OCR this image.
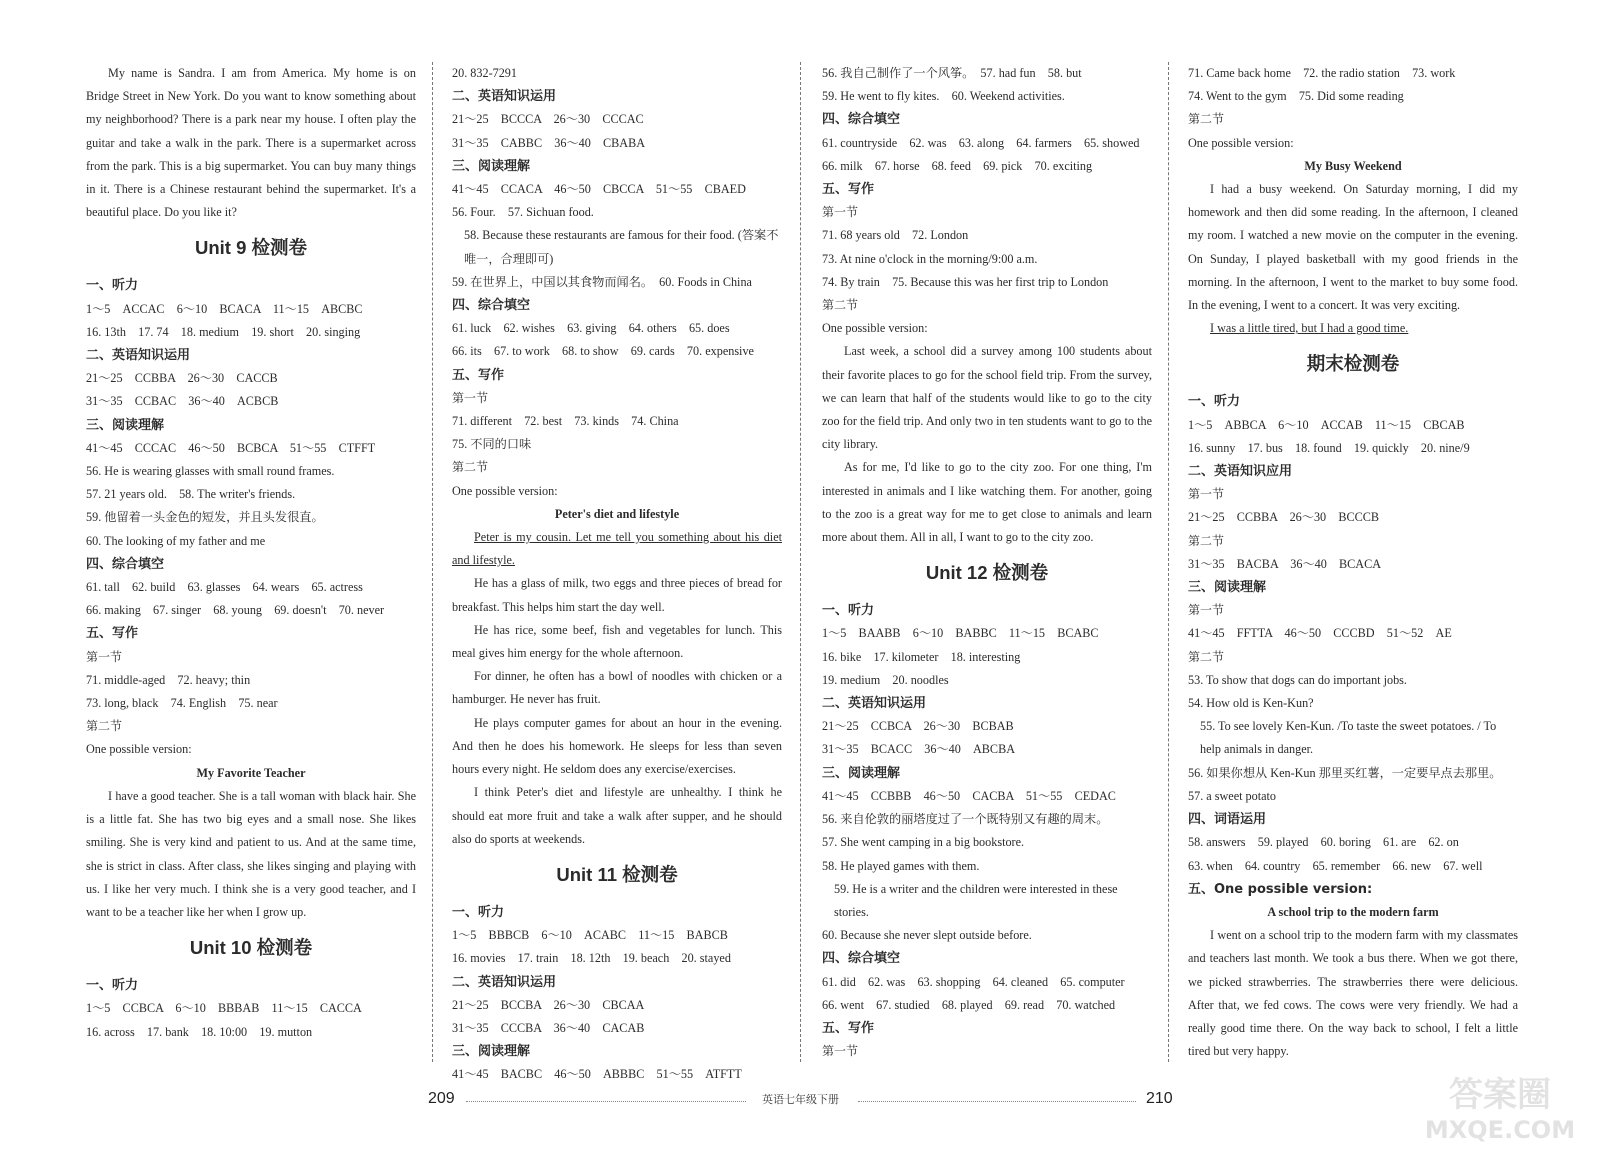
My name is Sandra. I am from America. My home is on Bridge Street in New York. Do you want to know something about my neighborhood? There is a park near my house. I often play the guitar and take a walk in the park. There is a supermarket across from the park. This is a big supermarket. You can buy many things in it. There is a Chinese restaurant behind the supermarket. It's a beautiful place. Do you like it?
Unit 9 检测卷
一、听力
1～5　ACCAC　6～10　BCACA　11～15　ABCBC
16. 13th　17. 74　18. medium　19. short　20. singing
二、英语知识运用
21～25　CCBBA　26～30　CACCB
31～35　CCBAC　36～40　ACBCB
三、阅读理解
41～45　CCCAC　46～50　BCBCA　51～55　CTFFT
56. He is wearing glasses with small round frames.
57. 21 years old.　58. The writer's friends.
59. 他留着一头金色的短发，并且头发很直。
60. The looking of my father and me
四、综合填空
61. tall　62. build　63. glasses　64. wears　65. actress
66. making　67. singer　68. young　69. doesn't　70. never
五、写作
第一节
71. middle-aged　72. heavy; thin
73. long, black　74. English　75. near
第二节
One possible version:
My Favorite Teacher
I have a good teacher. She is a tall woman with black hair. She is a little fat. She has two big eyes and a small nose. She likes smiling. She is very kind and patient to us. And at the same time, she is strict in class. After class, she likes singing and playing with us. I like her very much. I think she is a very good teacher, and I want to be a teacher like her when I grow up.
Unit 10 检测卷
一、听力
1～5　CCBCA　6～10　BBBAB　11～15　CACCA
16. across　17. bank　18. 10:00　19. mutton
20. 832-7291
二、英语知识运用
21～25　BCCCA　26～30　CCCAC
31～35　CABBC　36～40　CBABA
三、阅读理解
41～45　CCACA　46～50　CBCCA　51～55　CBAED
56. Four.　57. Sichuan food.
58. Because these restaurants are famous for their food. (答案不唯一，合理即可)
59. 在世界上，中国以其食物而闻名。　60. Foods in China
四、综合填空
61. luck　62. wishes　63. giving　64. others　65. does
66. its　67. to work　68. to show　69. cards　70. expensive
五、写作
第一节
71. different　72. best　73. kinds　74. China
75. 不同的口味
第二节
One possible version:
Peter's diet and lifestyle
Peter is my cousin. Let me tell you something about his diet and lifestyle.
He has a glass of milk, two eggs and three pieces of bread for breakfast. This helps him start the day well.
He has rice, some beef, fish and vegetables for lunch. This meal gives him energy for the whole afternoon.
For dinner, he often has a bowl of noodles with chicken or a hamburger. He never has fruit.
He plays computer games for about an hour in the evening. And then he does his homework. He sleeps for less than seven hours every night. He seldom does any exercise/exercises.
I think Peter's diet and lifestyle are unhealthy. I think he should eat more fruit and take a walk after supper, and he should also do sports at weekends.
Unit 11 检测卷
一、听力
1～5　BBBCB　6～10　ACABC　11～15　BABCB
16. movies　17. train　18. 12th　19. beach　20. stayed
二、英语知识运用
21～25　BCCBA　26～30　CBCAA
31～35　CCCBA　36～40　CACAB
三、阅读理解
41～45　BACBC　46～50　ABBBC　51～55　ATFTT
56. 我自己制作了一个风筝。　57. had fun　58. but
59. He went to fly kites.　60. Weekend activities.
四、综合填空
61. countryside　62. was　63. along　64. farmers　65. showed
66. milk　67. horse　68. feed　69. pick　70. exciting
五、写作
第一节
71. 68 years old　72. London
73. At nine o'clock in the morning/9:00 a.m.
74. By train　75. Because this was her first trip to London
第二节
One possible version:
Last week, a school did a survey among 100 students about their favorite places to go for the school field trip. From the survey, we can learn that half of the students would like to go to the city zoo for the field trip. And only two in ten students want to go to the city library.
As for me, I'd like to go to the city zoo. For one thing, I'm interested in animals and I like watching them. For another, going to the zoo is a great way for me to get close to animals and learn more about them. All in all, I want to go to the city zoo.
Unit 12 检测卷
一、听力
1～5　BAABB　6～10　BABBC　11～15　BCABC
16. bike　17. kilometer　18. interesting
19. medium　20. noodles
二、英语知识运用
21～25　CCBCA　26～30　BCBAB
31～35　BCACC　36～40　ABCBA
三、阅读理解
41～45　CCBBB　46～50　CACBA　51～55　CEDAC
56. 来自伦敦的丽塔度过了一个既特别又有趣的周末。
57. She went camping in a big bookstore.
58. He played games with them.
59. He is a writer and the children were interested in these stories.
60. Because she never slept outside before.
四、综合填空
61. did　62. was　63. shopping　64. cleaned　65. computer
66. went　67. studied　68. played　69. read　70. watched
五、写作
第一节
71. Came back home　72. the radio station　73. work
74. Went to the gym　75. Did some reading
第二节
One possible version:
My Busy Weekend
I had a busy weekend. On Saturday morning, I did my homework and then did some reading. In the afternoon, I cleaned my room. I watched a new movie on the computer in the evening. On Sunday, I played basketball with my good friends in the morning. In the afternoon, I went to the market to buy some food. In the evening, I went to a concert. It was very exciting.
I was a little tired, but I had a good time.
期末检测卷
一、听力
1～5　ABBCA　6～10　ACCAB　11～15　CBCAB
16. sunny　17. bus　18. found　19. quickly　20. nine/9
二、英语知识应用
第一节
21～25　CCBBA　26～30　BCCCB
第二节
31～35　BACBA　36～40　BCACA
三、阅读理解
第一节
41～45　FFTTA　46～50　CCCBD　51～52　AE
第二节
53. To show that dogs can do important jobs.
54. How old is Ken-Kun?
55. To see lovely Ken-Kun. /To taste the sweet potatoes. / To help animals in danger.
56. 如果你想从 Ken-Kun 那里买红薯，一定要早点去那里。
57. a sweet potato
四、词语运用
58. answers　59. played　60. boring　61. are　62. on
63. when　64. country　65. remember　66. new　67. well
五、One possible version:
A school trip to the modern farm
I went on a school trip to the modern farm with my classmates and teachers last month. We took a bus there. When we got there, we picked strawberries. The strawberries there were delicious. After that, we fed cows. The cows were very friendly. We had a really good time there. On the way back to school, I felt a little tired but very happy.
209	英语七年级下册	210	答案圈
MXQE.COM
